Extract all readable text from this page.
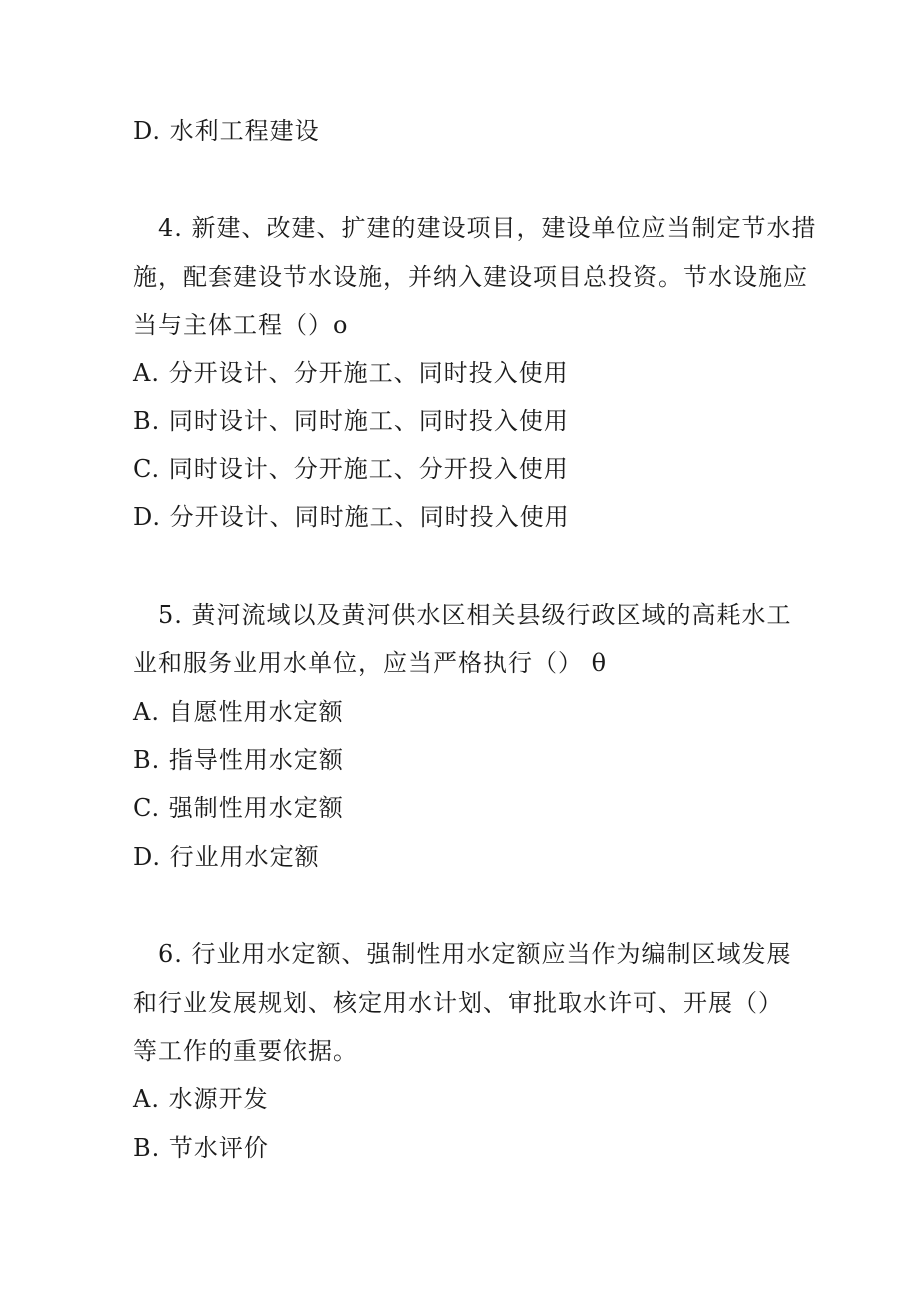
D. 水利工程建设
4. 新建、改建、扩建的建设项目，建设单位应当制定节水措
施，配套建设节水设施，并纳入建设项目总投资。节水设施应
当与主体工程（）o
A. 分开设计、分开施工、同时投入使用
B. 同时设计、同时施工、同时投入使用
C. 同时设计、分开施工、分开投入使用
D. 分开设计、同时施工、同时投入使用
5. 黄河流域以及黄河供水区相关县级行政区域的高耗水工
业和服务业用水单位，应当严格执行（） θ
A. 自愿性用水定额
B. 指导性用水定额
C. 强制性用水定额
D. 行业用水定额
6. 行业用水定额、强制性用水定额应当作为编制区域发展
和行业发展规划、核定用水计划、审批取水许可、开展（）
等工作的重要依据。
A. 水源开发
B. 节水评价
